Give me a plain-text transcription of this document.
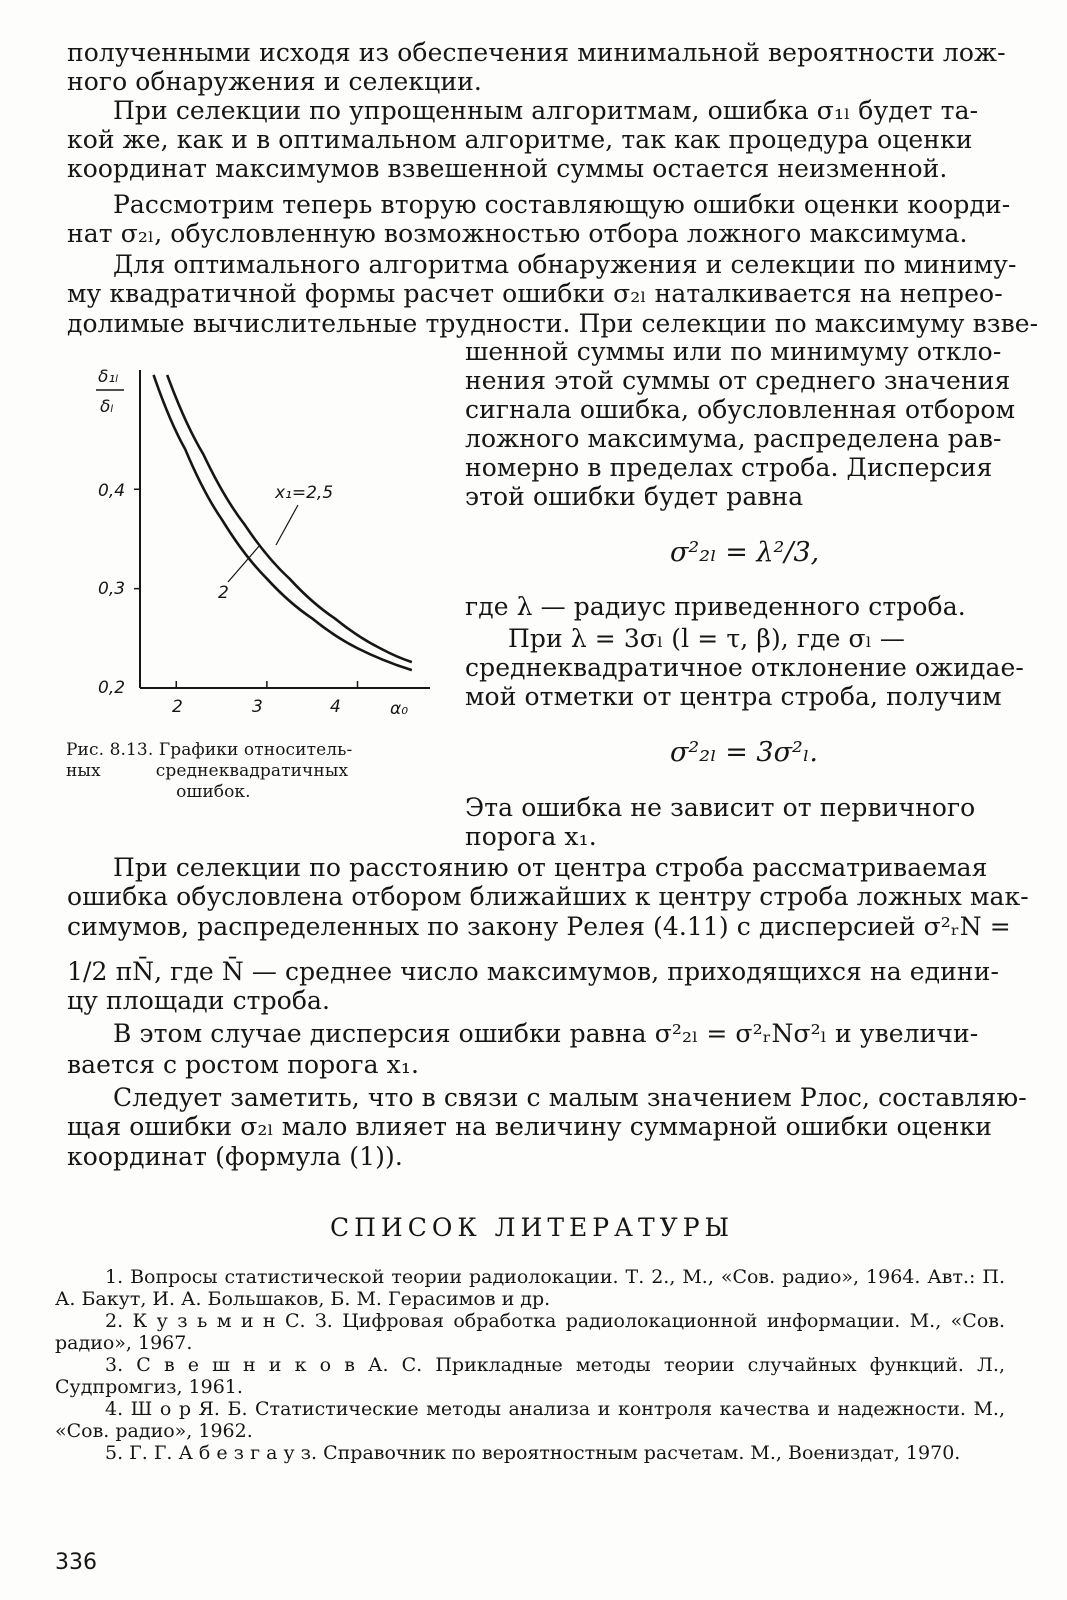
полученными исходя из обеспечения минимальной вероятности лож-
ного обнаружения и селекции.
При селекции по упрощенным алгоритмам, ошибка σ₁ₗ будет та-
кой же, как и в оптимальном алгоритме, так как процедура оценки
координат максимумов взвешенной суммы остается неизменной.
Рассмотрим теперь вторую составляющую ошибки оценки коорди-
нат σ₂ₗ, обусловленную возможностью отбора ложного максимума.
Для оптимального алгоритма обнаружения и селекции по миниму-
му квадратичной формы расчет ошибки σ₂ₗ наталкивается на непрео-
долимые вычислительные трудности. При селекции по максимуму взве-
шенной суммы или по минимуму откло-
нения этой суммы от среднего значения
сигнала ошибка, обусловленная отбором
ложного максимума, распределена рав-
номерно в пределах строба. Дисперсия
этой ошибки будет равна
где λ — радиус приведенного строба.
При λ = 3σₗ (l = τ, β), где σₗ —
среднеквадратичное отклонение ожидае-
мой отметки от центра строба, получим
Эта ошибка не зависит от первичного
порога x₁.
σ²₂ₗ = λ²/3,
σ²₂ₗ = 3σ²ₗ.
δ₁ₗ
δₗ
0,4
0,3
0,2
2	3	4	α₀
x₁=2,5
2
Рис. 8.13. Графики относитель-
ных          среднеквадратичных
ошибок.
При селекции по расстоянию от центра строба рассматриваемая
ошибка обусловлена отбором ближайших к центру строба ложных мак-
симумов, распределенных по закону Релея (4.11) с дисперсией σ²ᵣN =
1/2 πN̄, где N̄ — среднее число максимумов, приходящихся на едини-
цу площади строба.
В этом случае дисперсия ошибки равна σ²₂ₗ = σ²ᵣNσ²ₗ и увеличи-
вается с ростом порога x₁.
Следует заметить, что в связи с малым значением Pлос, составляю-
щая ошибки σ₂ₗ мало влияет на величину суммарной ошибки оценки
координат (формула (1)).
СПИСОК ЛИТЕРАТУРЫ

1. Вопросы статистической теории радиолокации. Т. 2., М., «Сов. радио», 1964. Авт.: П. А. Бакут, И. А. Большаков, Б. М. Герасимов и др.

2. К у з ь м и н С. З. Цифровая обработка радиолокационной информации. М., «Сов. радио», 1967.

3. С в е ш н и к о в А. С. Прикладные методы теории случайных функций. Л., Судпромгиз, 1961.

4. Ш о р Я. Б. Статистические методы анализа и контроля качества и надежности. М., «Сов. радио», 1962.

5. Г. Г. А б е з г а у з. Справочник по вероятностным расчетам. М., Воениздат, 1970.

336
